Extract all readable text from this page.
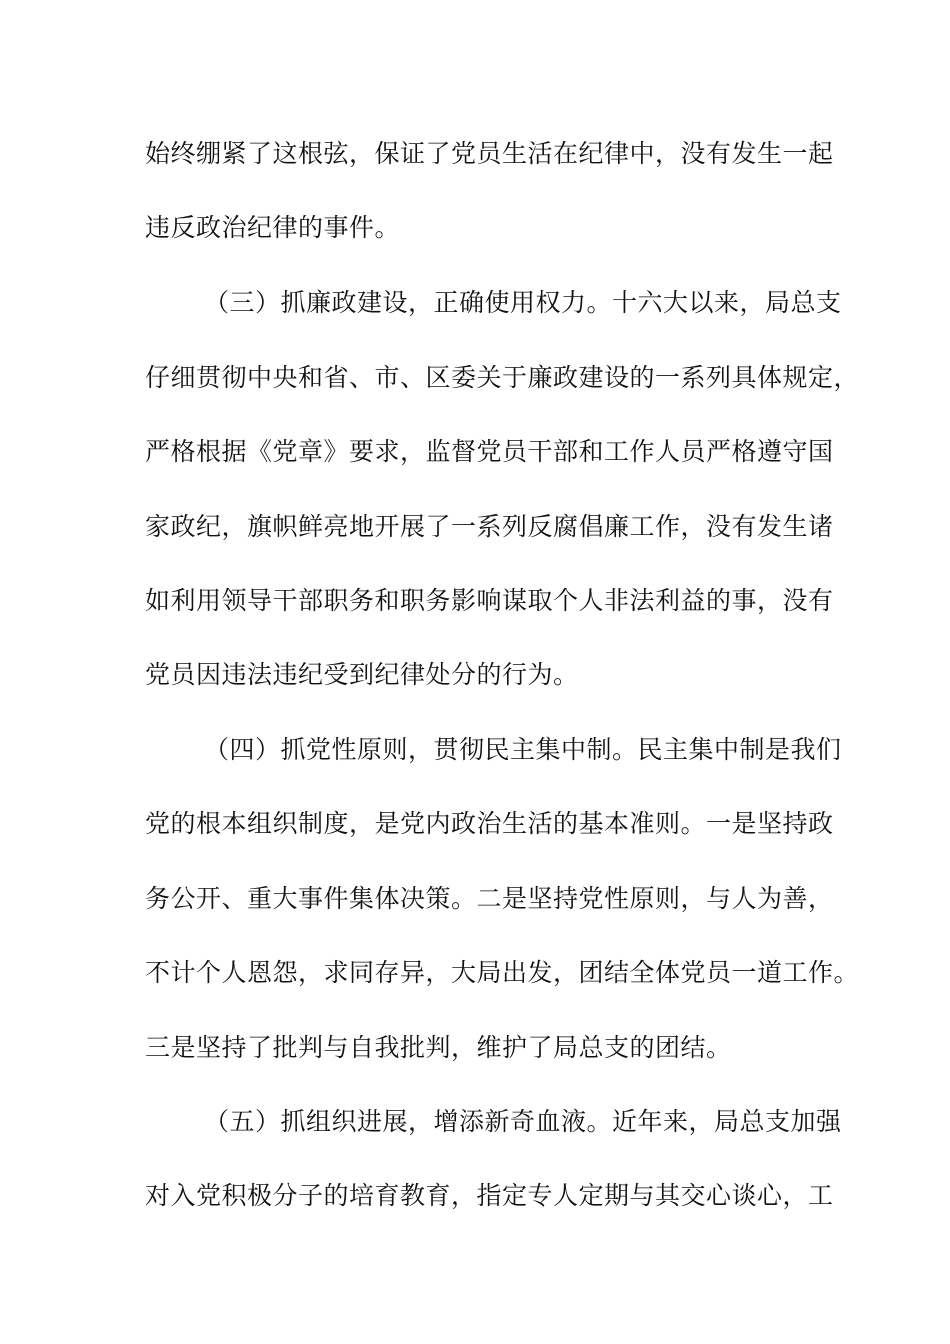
始终绷紧了这根弦，保证了党员生活在纪律中，没有发生一起
违反政治纪律的事件。
（三）抓廉政建设，正确使用权力。十六大以来，局总支
仔细贯彻中央和省、市、区委关于廉政建设的一系列具体规定，
严格根据《党章》要求，监督党员干部和工作人员严格遵守国
家政纪，旗帜鲜亮地开展了一系列反腐倡廉工作，没有发生诸
如利用领导干部职务和职务影响谋取个人非法利益的事，没有
党员因违法违纪受到纪律处分的行为。
（四）抓党性原则，贯彻民主集中制。民主集中制是我们
党的根本组织制度，是党内政治生活的基本准则。一是坚持政
务公开、重大事件集体决策。二是坚持党性原则，与人为善，
不计个人恩怨，求同存异，大局出发，团结全体党员一道工作。
三是坚持了批判与自我批判，维护了局总支的团结。
（五）抓组织进展，增添新奇血液。近年来，局总支加强
对入党积极分子的培育教育，指定专人定期与其交心谈心，工
